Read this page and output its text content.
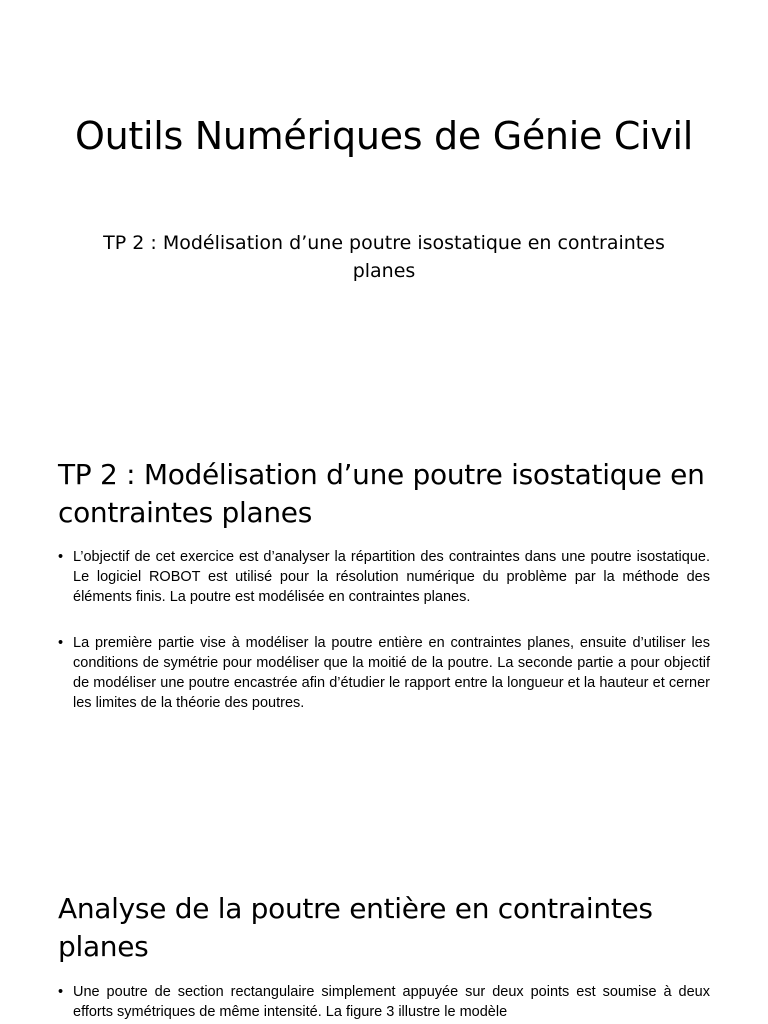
Outils Numériques de Génie Civil

TP 2 : Modélisation d’une poutre isostatique en contraintes planes

TP 2 : Modélisation d’une poutre isostatique en contraintes planes
• L’objectif de cet exercice est d’analyser la répartition des contraintes dans une poutre isostatique. Le logiciel ROBOT est utilisé pour la résolution numérique du problème par la méthode des éléments finis. La poutre est modélisée en contraintes planes.
• La première partie vise à modéliser la poutre entière en contraintes planes, ensuite d’utiliser les conditions de symétrie pour modéliser que la moitié de la poutre. La seconde partie a pour objectif de modéliser une poutre encastrée afin d’étudier le rapport entre la longueur et la hauteur et cerner les limites de la théorie des poutres.
Analyse de la poutre entière en contraintes planes
• Une poutre de section rectangulaire simplement appuyée sur deux points est soumise à deux efforts symétriques de même intensité. La figure 3 illustre le modèle
